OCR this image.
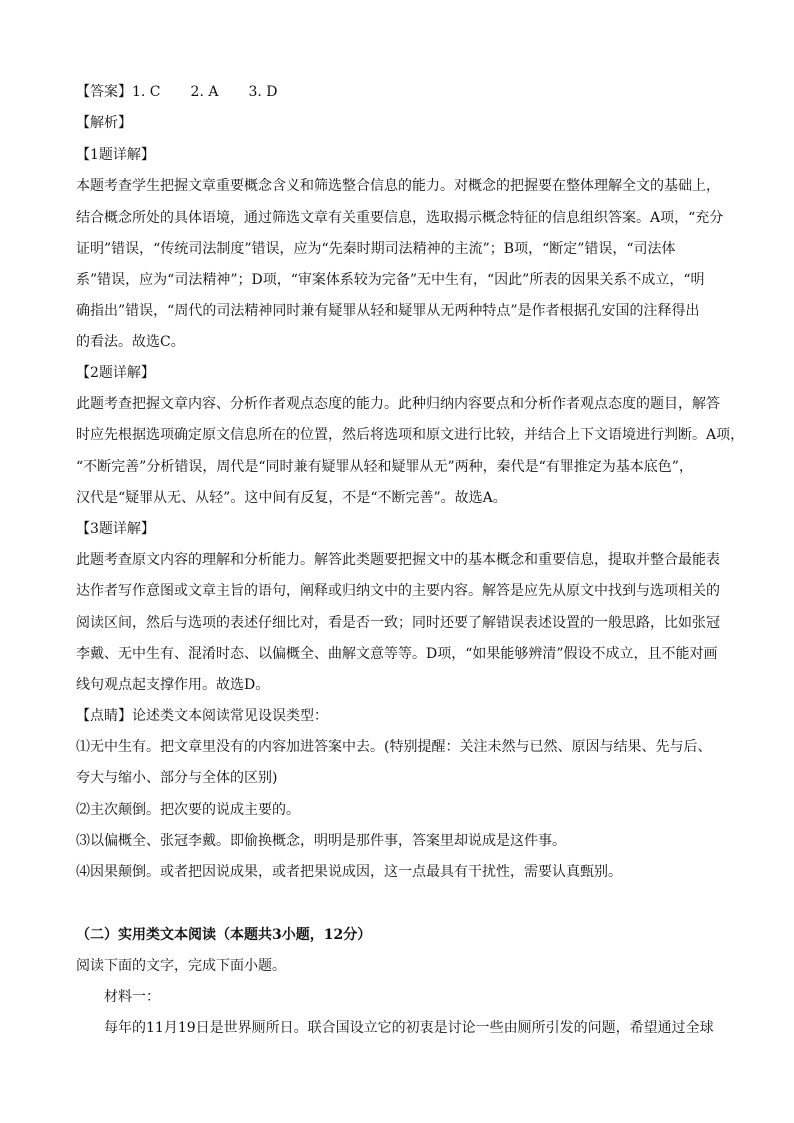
【答案】1. C 2. A 3. D
【解析】
【1题详解】
本题考查学生把握文章重要概念含义和筛选整合信息的能力。对概念的把握要在整体理解全文的基础上，
结合概念所处的具体语境，通过筛选文章有关重要信息，选取揭示概念特征的信息组织答案。A项，“充分
证明”错误，“传统司法制度”错误，应为“先秦时期司法精神的主流”；B项，“断定”错误，“司法体
系”错误，应为“司法精神”；D项，“审案体系较为完备”无中生有，“因此”所表的因果关系不成立，“明
确指出”错误，“周代的司法精神同时兼有疑罪从轻和疑罪从无两种特点”是作者根据孔安国的注释得出
的看法。故选C。
【2题详解】
此题考查把握文章内容、分析作者观点态度的能力。此种归纳内容要点和分析作者观点态度的题目，解答
时应先根据选项确定原文信息所在的位置，然后将选项和原文进行比较，并结合上下文语境进行判断。A项，
“不断完善”分析错误，周代是“同时兼有疑罪从轻和疑罪从无”两种，秦代是“有罪推定为基本底色”，
汉代是“疑罪从无、从轻”。这中间有反复，不是“不断完善”。故选A。
【3题详解】
此题考查原文内容的理解和分析能力。解答此类题要把握文中的基本概念和重要信息，提取并整合最能表
达作者写作意图或文章主旨的语句，阐释或归纳文中的主要内容。解答是应先从原文中找到与选项相关的
阅读区间，然后与选项的表述仔细比对，看是否一致；同时还要了解错误表述设置的一般思路，比如张冠
李戴、无中生有、混淆时态、以偏概全、曲解文意等等。D项，“如果能够辨清”假设不成立，且不能对画
线句观点起支撑作用。故选D。
【点睛】论述类文本阅读常见设误类型：
⑴无中生有。把文章里没有的内容加进答案中去。(特别提醒：关注未然与已然、原因与结果、先与后、
夸大与缩小、部分与全体的区别)
⑵主次颠倒。把次要的说成主要的。
⑶以偏概全、张冠李戴。即偷换概念，明明是那件事，答案里却说成是这件事。
⑷因果颠倒。或者把因说成果，或者把果说成因，这一点最具有干扰性，需要认真甄别。
（二）实用类文本阅读（本题共3小题，12分）
阅读下面的文字，完成下面小题。
材料一：
每年的11月19日是世界厕所日。联合国设立它的初衷是讨论一些由厕所引发的问题，希望通过全球
